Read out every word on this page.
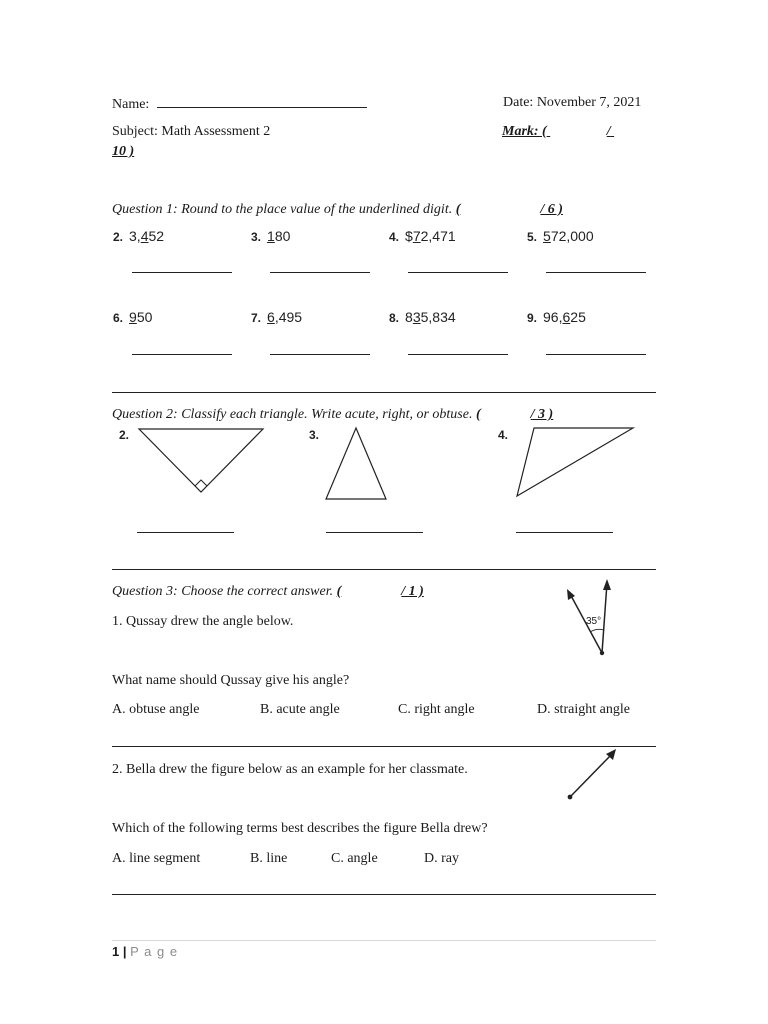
Name:	Date: November 7, 2021
Subject: Math Assessment 2	Mark: (	/
10 )
Question 1: Round to the place value of the underlined digit. (	/ 6 )
2. 3,452	3. 180	4. $72,471	5. 572,000
6. 950	7. 6,495	8. 835,834	9. 96,625
Question 2: Classify each triangle. Write acute, right, or obtuse. (	/ 3 )
2.	3.	4.
Question 3: Choose the correct answer. (	/ 1 )
1. Qussay drew the angle below.	35°
What name should Qussay give his angle?
A. obtuse angle	B. acute angle	C. right angle	D. straight angle
2. Bella drew the figure below as an example for her classmate.
Which of the following terms best describes the figure Bella drew?
A. line segment	B. line	C. angle	D. ray
1 | P a g e
